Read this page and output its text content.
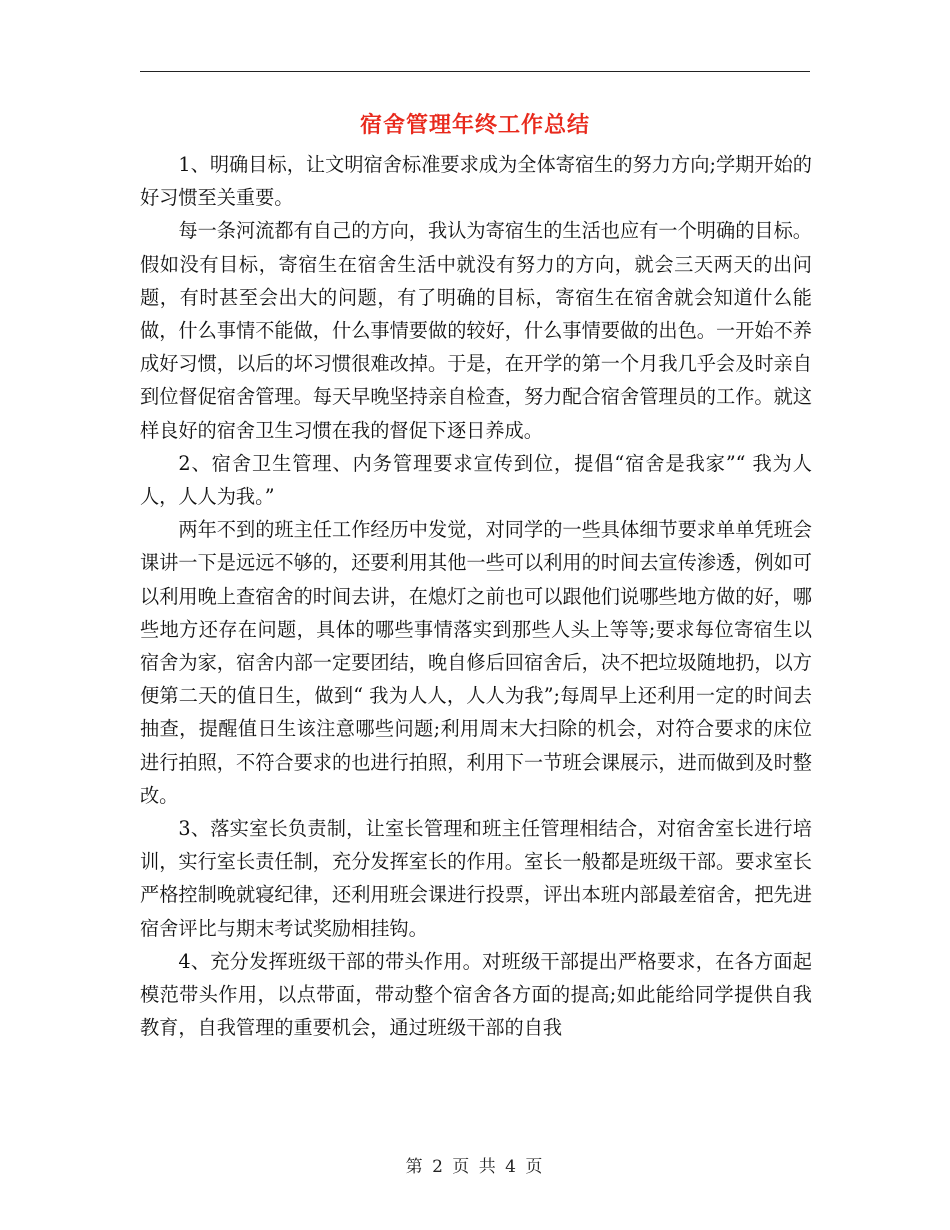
宿舍管理年终工作总结

1、明确目标，让文明宿舍标准要求成为全体寄宿生的努力方向;学期开始的好习惯至关重要。

每一条河流都有自己的方向，我认为寄宿生的生活也应有一个明确的目标。假如没有目标，寄宿生在宿舍生活中就没有努力的方向，就会三天两天的出问题，有时甚至会出大的问题，有了明确的目标，寄宿生在宿舍就会知道什么能做，什么事情不能做，什么事情要做的较好，什么事情要做的出色。一开始不养成好习惯，以后的坏习惯很难改掉。于是，在开学的第一个月我几乎会及时亲自到位督促宿舍管理。每天早晚坚持亲自检查，努力配合宿舍管理员的工作。就这样良好的宿舍卫生习惯在我的督促下逐日养成。

2、宿舍卫生管理、内务管理要求宣传到位，提倡“宿舍是我家”“ 我为人人，人人为我。”

两年不到的班主任工作经历中发觉，对同学的一些具体细节要求单单凭班会课讲一下是远远不够的，还要利用其他一些可以利用的时间去宣传渗透，例如可以利用晚上查宿舍的时间去讲，在熄灯之前也可以跟他们说哪些地方做的好，哪些地方还存在问题，具体的哪些事情落实到那些人头上等等;要求每位寄宿生以宿舍为家，宿舍内部一定要团结，晚自修后回宿舍后，决不把垃圾随地扔，以方便第二天的值日生，做到“ 我为人人，人人为我”;每周早上还利用一定的时间去抽查，提醒值日生该注意哪些问题;利用周末大扫除的机会，对符合要求的床位进行拍照，不符合要求的也进行拍照，利用下一节班会课展示，进而做到及时整改。

3、落实室长负责制，让室长管理和班主任管理相结合，对宿舍室长进行培训，实行室长责任制，充分发挥室长的作用。室长一般都是班级干部。要求室长严格控制晚就寝纪律，还利用班会课进行投票，评出本班内部最差宿舍，把先进宿舍评比与期末考试奖励相挂钩。

4、充分发挥班级干部的带头作用。对班级干部提出严格要求，在各方面起模范带头作用，以点带面，带动整个宿舍各方面的提高;如此能给同学提供自我教育，自我管理的重要机会，通过班级干部的自我

第 2 页 共 4 页
